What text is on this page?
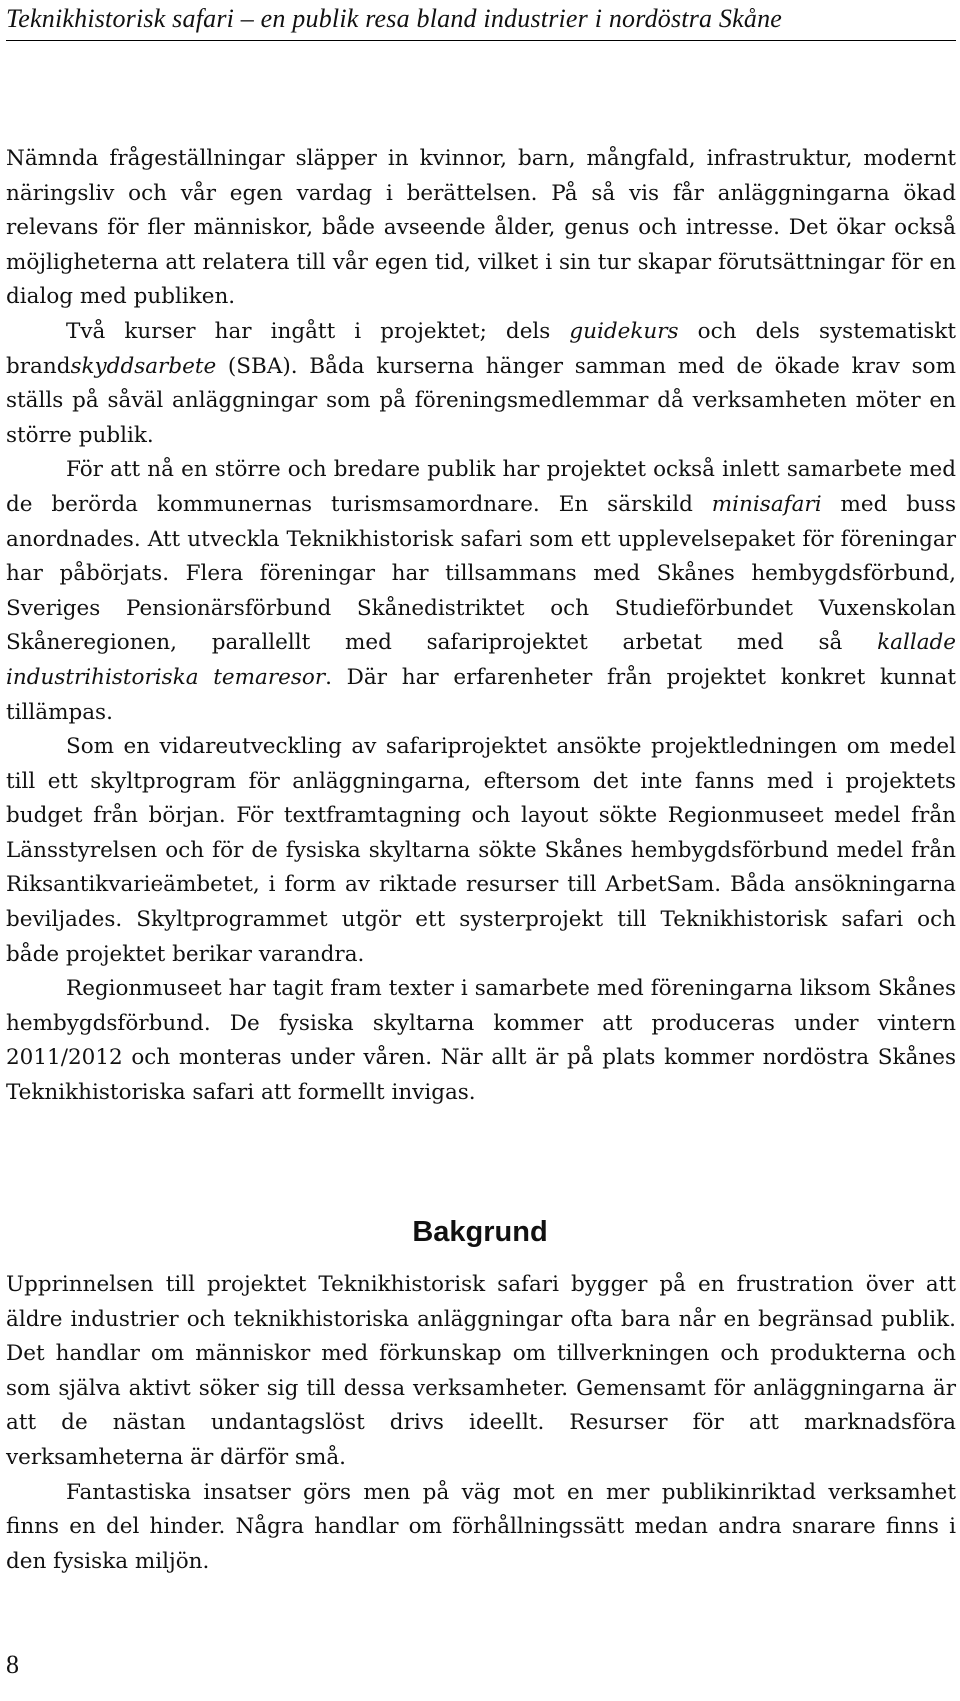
Teknikhistorisk safari – en publik resa bland industrier i nordöstra Skåne

Nämnda frågeställningar släpper in kvinnor, barn, mångfald, infrastruktur, modernt näringsliv och vår egen vardag i berättelsen. På så vis får anläggningarna ökad relevans för fler människor, både avseende ålder, genus och intresse. Det ökar också möjligheterna att relatera till vår egen tid, vilket i sin tur skapar förutsättningar för en dialog med publiken.

Två kurser har ingått i projektet; dels guidekurs och dels systematiskt brandskyddsarbete (SBA). Båda kurserna hänger samman med de ökade krav som ställs på såväl anläggningar som på föreningsmedlemmar då verksamheten möter en större publik.

För att nå en större och bredare publik har projektet också inlett samarbete med de berörda kommunernas turismsamordnare. En särskild minisafari med buss anordnades. Att utveckla Teknikhistorisk safari som ett upplevelsepaket för föreningar har påbörjats. Flera föreningar har tillsammans med Skånes hembygdsförbund, Sveriges Pensionärsförbund Skånedistriktet och Studieförbundet Vuxenskolan Skåneregionen, parallellt med safariprojektet arbetat med så kallade industrihistoriska temaresor. Där har erfarenheter från projektet konkret kunnat tillämpas.

Som en vidareutveckling av safariprojektet ansökte projektledningen om medel till ett skyltprogram för anläggningarna, eftersom det inte fanns med i projektets budget från början. För textframtagning och layout sökte Regionmuseet medel från Länsstyrelsen och för de fysiska skyltarna sökte Skånes hembygdsförbund medel från Riksantikvarieämbetet, i form av riktade resurser till ArbetSam. Båda ansökningarna beviljades. Skyltprogrammet utgör ett systerprojekt till Teknikhistorisk safari och både projektet berikar varandra.

Regionmuseet har tagit fram texter i samarbete med föreningarna liksom Skånes hembygdsförbund. De fysiska skyltarna kommer att produceras under vintern 2011/2012 och monteras under våren. När allt är på plats kommer nordöstra Skånes Teknikhistoriska safari att formellt invigas.

Bakgrund

Upprinnelsen till projektet Teknikhistorisk safari bygger på en frustration över att äldre industrier och teknikhistoriska anläggningar ofta bara når en begränsad publik. Det handlar om människor med förkunskap om tillverkningen och produkterna och som själva aktivt söker sig till dessa verksamheter. Gemensamt för anläggningarna är att de nästan undantagslöst drivs ideellt. Resurser för att marknadsföra verksamheterna är därför små.

Fantastiska insatser görs men på väg mot en mer publikinriktad verksamhet finns en del hinder. Några handlar om förhållningssätt medan andra snarare finns i den fysiska miljön.

8
